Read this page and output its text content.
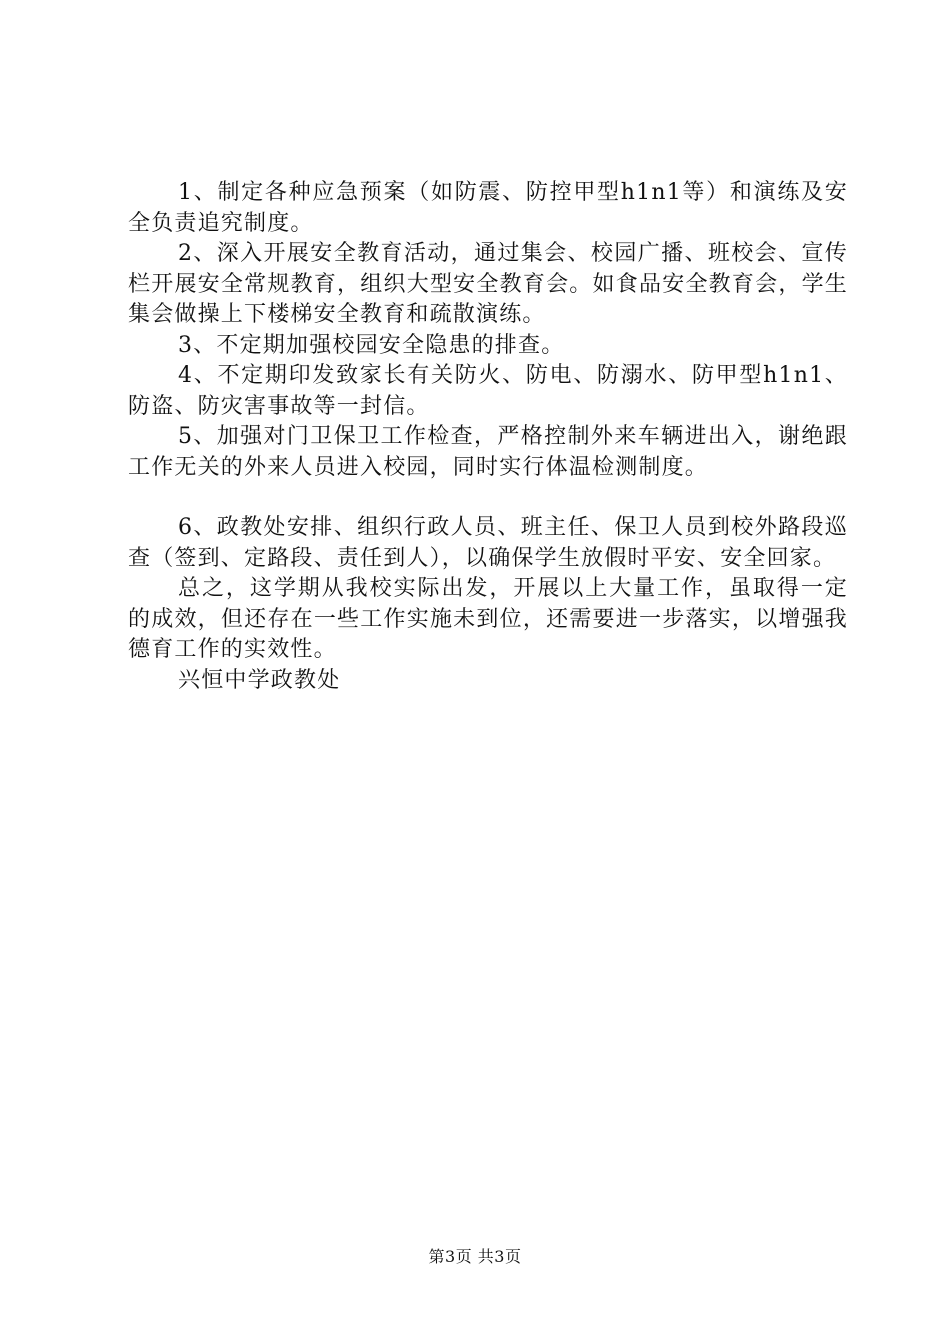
1、制定各种应急预案（如防震、防控甲型h1n1等）和演练及安全负责追究制度。

2、深入开展安全教育活动，通过集会、校园广播、班校会、宣传栏开展安全常规教育，组织大型安全教育会。如食品安全教育会，学生集会做操上下楼梯安全教育和疏散演练。

3、不定期加强校园安全隐患的排查。

4、不定期印发致家长有关防火、防电、防溺水、防甲型h1n1、防盗、防灾害事故等一封信。

5、加强对门卫保卫工作检查，严格控制外来车辆进出入，谢绝跟工作无关的外来人员进入校园，同时实行体温检测制度。

6、政教处安排、组织行政人员、班主任、保卫人员到校外路段巡查（签到、定路段、责任到人），以确保学生放假时平安、安全回家。

总之，这学期从我校实际出发，开展以上大量工作，虽取得一定的成效，但还存在一些工作实施未到位，还需要进一步落实，以增强我德育工作的实效性。

兴恒中学政教处

第3页 共3页
